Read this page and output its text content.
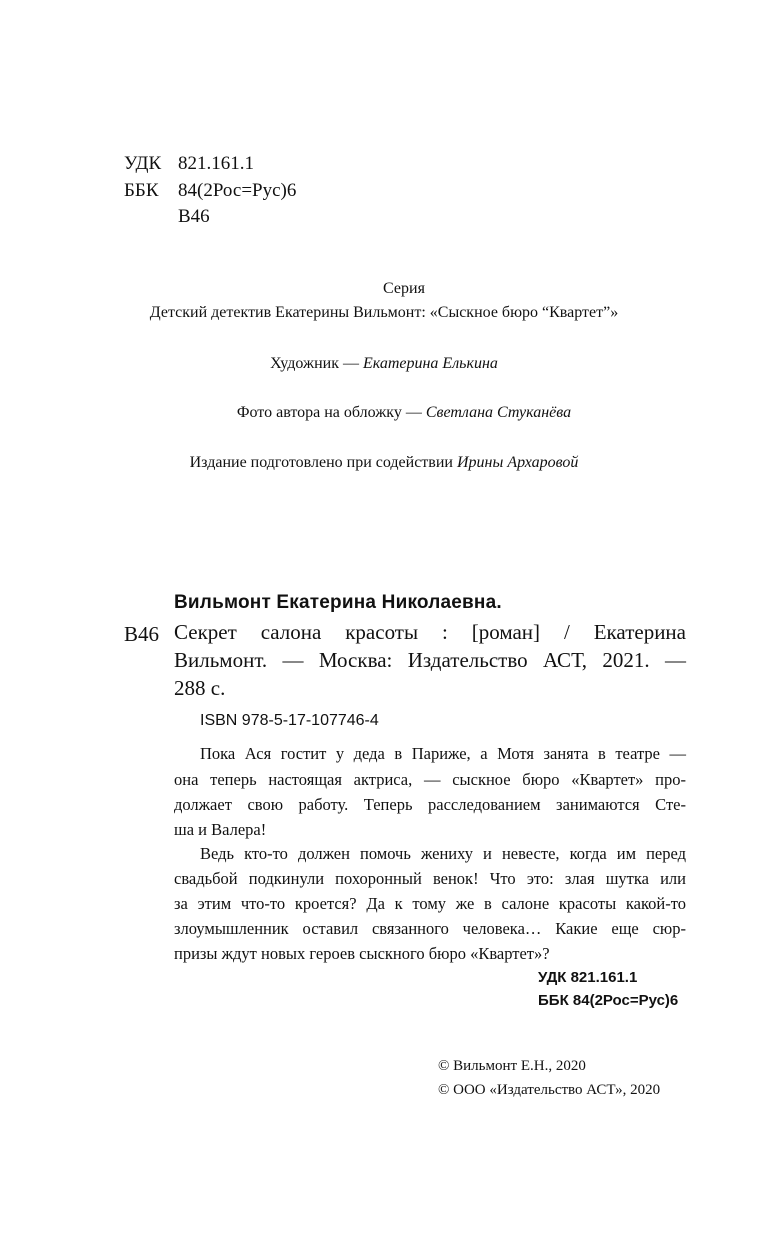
УДК 821.161.1
ББК 84(2Рос=Рус)6
В46
Серия
Детский детектив Екатерины Вильмонт: «Сыскное бюро “Квартет”»
Художник — Екатерина Елькина
Фото автора на обложку — Светлана Стуканёва
Издание подготовлено при содействии Ирины Архаровой
Вильмонт Екатерина Николаевна.
В46 Секрет салона красоты : [роман] / Екатерина
Вильмонт. — Москва: Издательство АСТ, 2021. —
288 с.
ISBN 978-5-17-107746-4
Пока Ася гостит у деда в Париже, а Мотя занята в театре —
она теперь настоящая актриса, — сыскное бюро «Квартет» про-
должает свою работу. Теперь расследованием занимаются Сте-
ша и Валера!
Ведь кто-то должен помочь жениху и невесте, когда им перед
свадьбой подкинули похоронный венок! Что это: злая шутка или
за этим что-то кроется? Да к тому же в салоне красоты какой-то
злоумышленник оставил связанного человека… Какие еще сюр-
призы ждут новых героев сыскного бюро «Квартет»?
УДК 821.161.1
ББК 84(2Рос=Рус)6
© Вильмонт Е.Н., 2020
© ООО «Издательство АСТ», 2020
